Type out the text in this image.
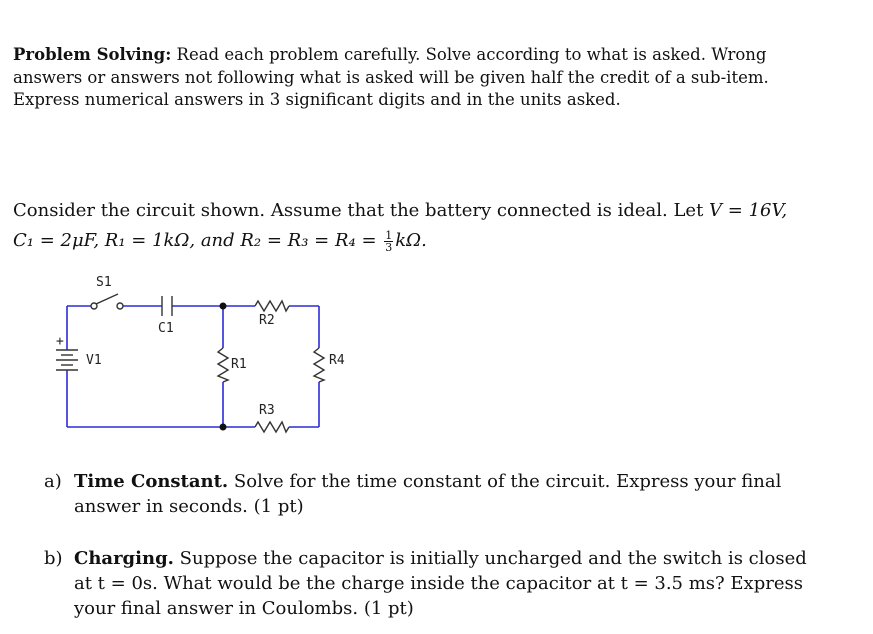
Problem Solving: Read each problem carefully. Solve according to what is asked. Wrong answers or answers not following what is asked will be given half the credit of a sub-item. Express numerical answers in 3 significant digits and in the units asked.
Consider the circuit shown. Assume that the battery connected is ideal. Let V = 16V,
C₁ = 2μF, R₁ = 1kΩ, and $R_2 = R_3 = R_4 = \frac{1}{3} k\Omega$.
S1
C1
+
V1	R1
R2
R3
R4
a) Time Constant. Solve for the time constant of the circuit. Express your final answer in seconds. (1 pt)
b) Charging. Suppose the capacitor is initially uncharged and the switch is closed at t = 0s. What would be the charge inside the capacitor at t = 3.5 ms? Express your final answer in Coulombs. (1 pt)
